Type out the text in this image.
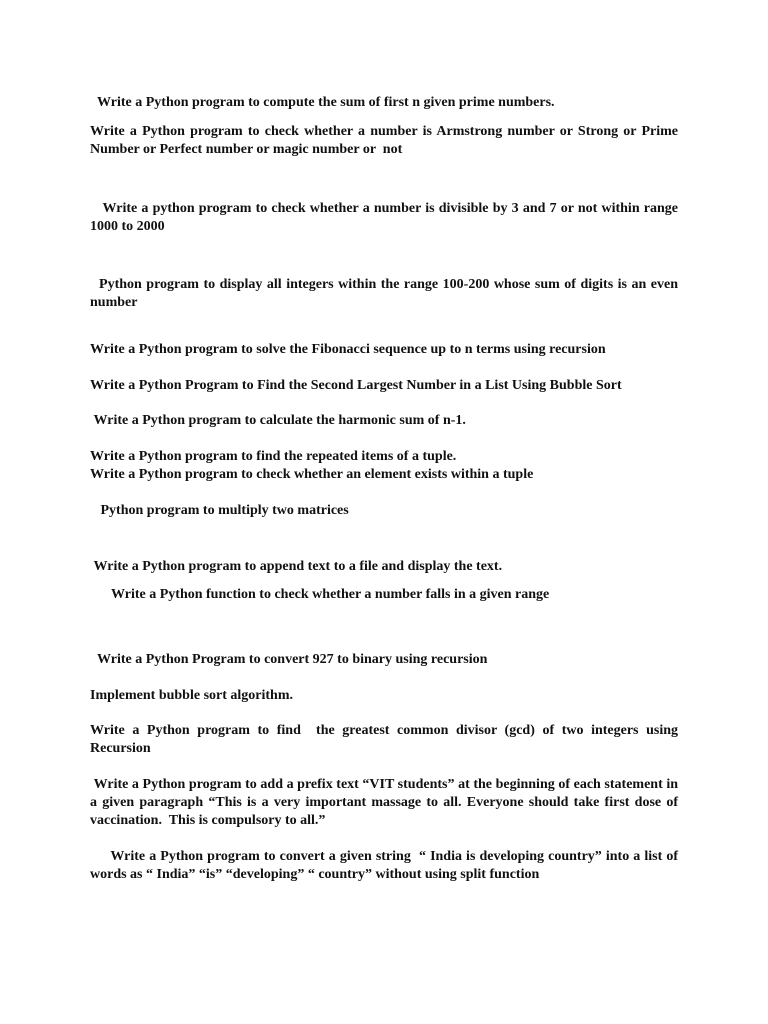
Write a Python program to compute the sum of first n given prime numbers.

Write a Python program to check whether a number is Armstrong number or Strong or Prime Number or Perfect number or magic number or  not

Write a python program to check whether a number is divisible by 3 and 7 or not within range 1000 to 2000

Python program to display all integers within the range 100-200 whose sum of digits is an even number

Write a Python program to solve the Fibonacci sequence up to n terms using recursion

Write a Python Program to Find the Second Largest Number in a List Using Bubble Sort

Write a Python program to calculate the harmonic sum of n-1.

Write a Python program to find the repeated items of a tuple.

Write a Python program to check whether an element exists within a tuple

Python program to multiply two matrices

Write a Python program to append text to a file and display the text.

Write a Python function to check whether a number falls in a given range

Write a Python Program to convert 927 to binary using recursion

Implement bubble sort algorithm.

Write a Python program to find  the greatest common divisor (gcd) of two integers using Recursion

Write a Python program to add a prefix text “VIT students” at the beginning of each statement in a given paragraph “This is a very important massage to all. Everyone should take first dose of vaccination.  This is compulsory to all.”

Write a Python program to convert a given string  “ India is developing country” into a list of words as “ India” “is” “developing” “ country” without using split function
